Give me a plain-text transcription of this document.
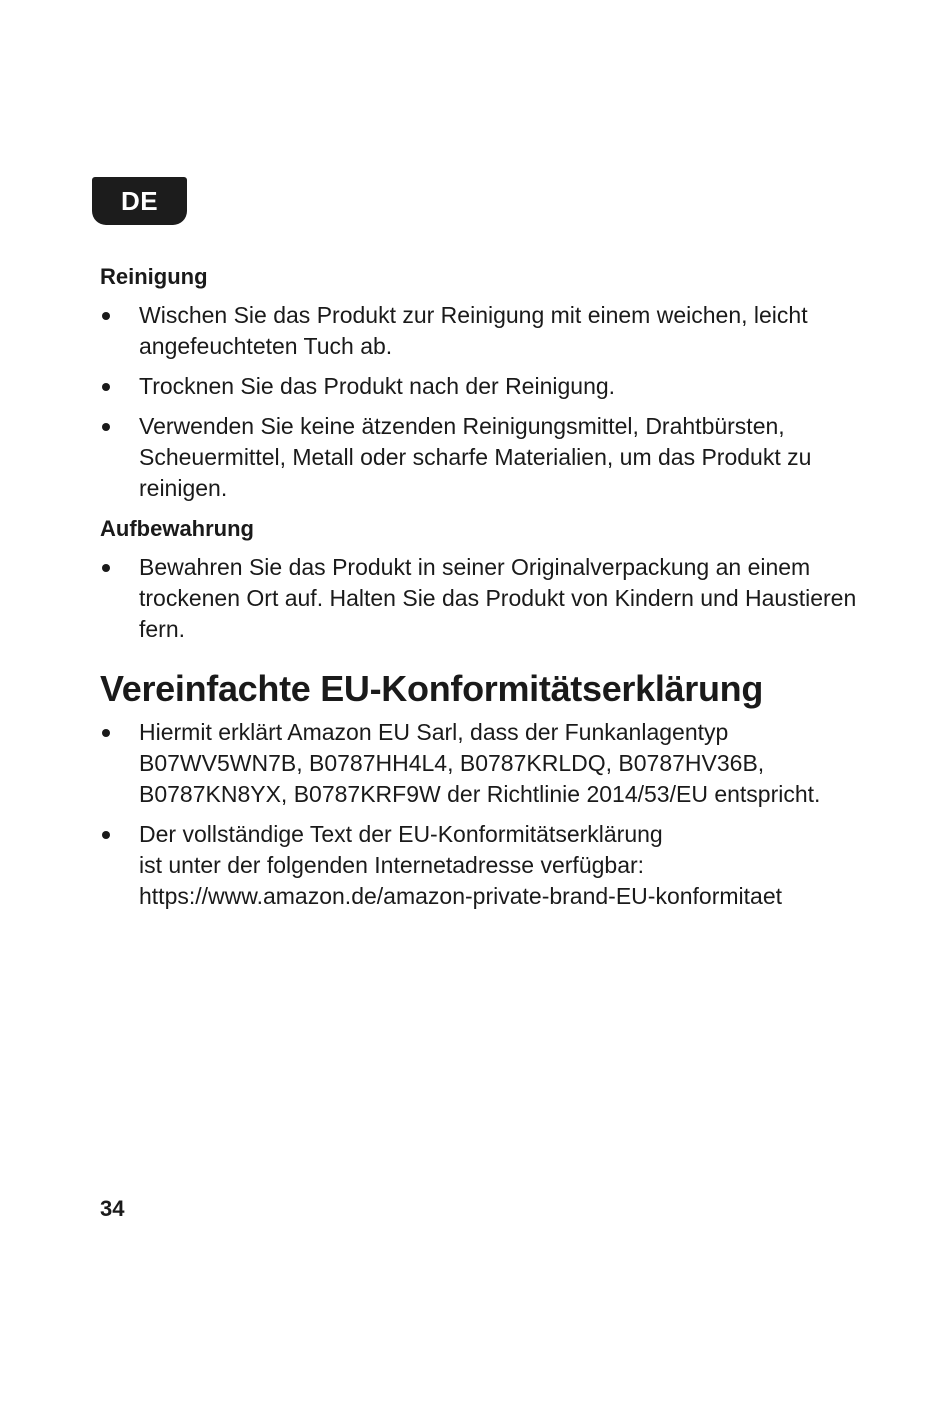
DE
Reinigung
Wischen Sie das Produkt zur Reinigung mit einem weichen, leicht angefeuchteten Tuch ab.
Trocknen Sie das Produkt nach der Reinigung.
Verwenden Sie keine ätzenden Reinigungsmittel, Drahtbürsten, Scheuermittel, Metall oder scharfe Materialien, um das Produkt zu reinigen.
Aufbewahrung
Bewahren Sie das Produkt in seiner Originalverpackung an einem trockenen Ort auf. Halten Sie das Produkt von Kindern und Haustieren fern.
Vereinfachte EU-Konformitätserklärung
Hiermit erklärt Amazon EU Sarl, dass der Funkanlagentyp B07WV5WN7B, B0787HH4L4, B0787KRLDQ, B0787HV36B, B0787KN8YX, B0787KRF9W der Richtlinie 2014/53/EU entspricht.
Der vollständige Text der EU-Konformitätserklärung
ist unter der folgenden Internetadresse verfügbar:
https://www.amazon.de/amazon-private-brand-EU-konformitaet
34
